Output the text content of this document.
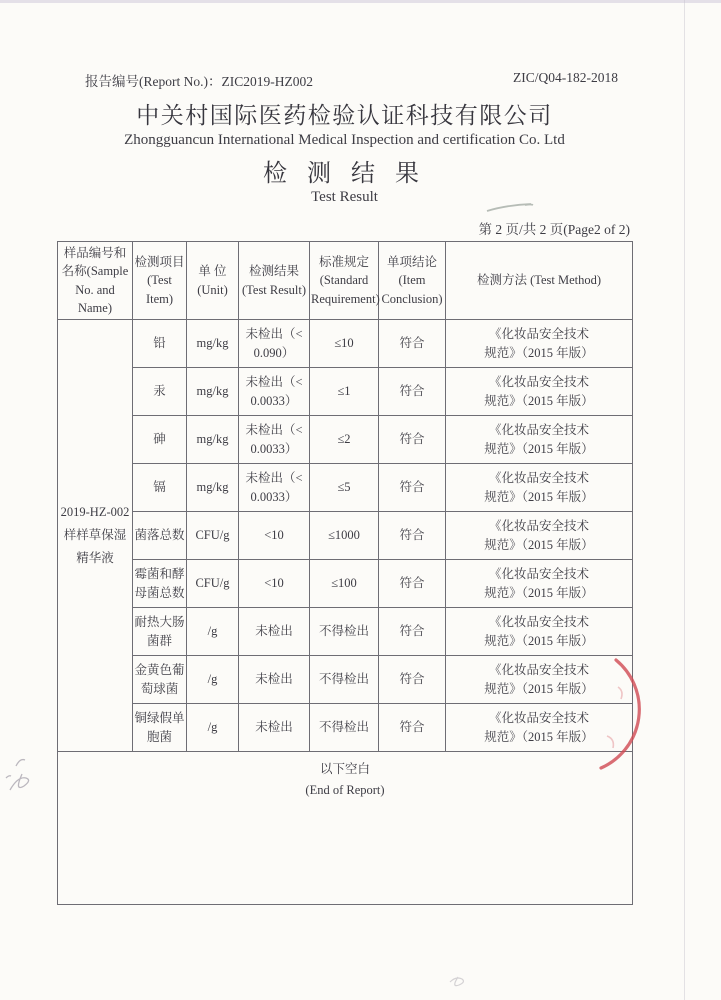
报告编号(Report No.)：ZIC2019-HZ002	ZIC/Q04-182-2018
中关村国际医药检验认证科技有限公司
Zhongguancun International Medical Inspection and certification Co. Ltd
检 测 结 果
Test Result
第 2 页/共 2 页(Page2 of 2)
样品编号和名称(Sample No. and Name)	检测项目 (Test Item)	单 位 (Unit)	检测结果 (Test Result)	标准规定 (Standard Requirement)	单项结论 (Item Conclusion)	检测方法 (Test Method)

2019-HZ-002
样样草保湿
精华液	铅	mg/kg	未检出（<
0.090）	≤10	符合	《化妆品安全技术
规范》（2015 年版）

	汞	mg/kg	未检出（<
0.0033）	≤1	符合	《化妆品安全技术
规范》（2015 年版）

	砷	mg/kg	未检出（<
0.0033）	≤2	符合	《化妆品安全技术
规范》（2015 年版）

	镉	mg/kg	未检出（<
0.0033）	≤5	符合	《化妆品安全技术
规范》（2015 年版）

	菌落总数	CFU/g	<10	≤1000	符合	《化妆品安全技术
规范》（2015 年版）

	霉菌和酵母菌总数	CFU/g	<10	≤100	符合	《化妆品安全技术
规范》（2015 年版）

	耐热大肠菌群	/g	未检出	不得检出	符合	《化妆品安全技术
规范》（2015 年版）

	金黄色葡萄球菌	/g	未检出	不得检出	符合	《化妆品安全技术
规范》（2015 年版）

	铜绿假单胞菌	/g	未检出	不得检出	符合	《化妆品安全技术
规范》（2015 年版）

以下空白
(End of Report)						
